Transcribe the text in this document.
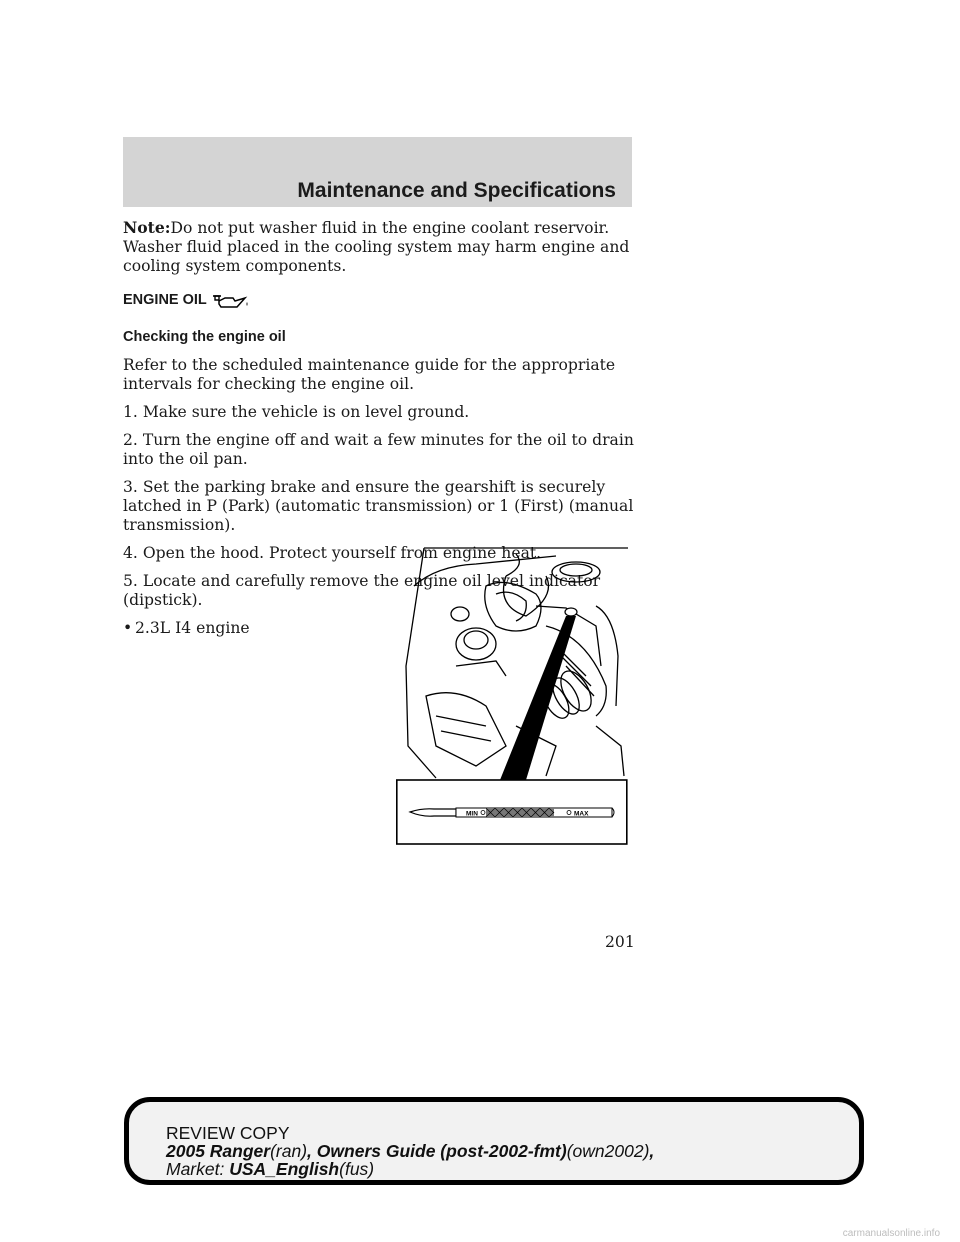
Maintenance and Specifications

Note:Do not put washer fluid in the engine coolant reservoir. Washer fluid placed in the cooling system may harm engine and cooling system components.

ENGINE OIL

Checking the engine oil

Refer to the scheduled maintenance guide for the appropriate intervals for checking the engine oil.

1. Make sure the vehicle is on level ground.

2. Turn the engine off and wait a few minutes for the oil to drain into the oil pan.

3. Set the parking brake and ensure the gearshift is securely latched in P (Park) (automatic transmission) or 1 (First) (manual transmission).

4. Open the hood. Protect yourself from engine heat.

5. Locate and carefully remove the engine oil level indicator (dipstick).

• 2.3L I4 engine
MIN	MAX
201
REVIEW COPY
2005 Ranger(ran), Owners Guide (post-2002-fmt)(own2002),
Market: USA_English(fus)
carmanualsonline.info
